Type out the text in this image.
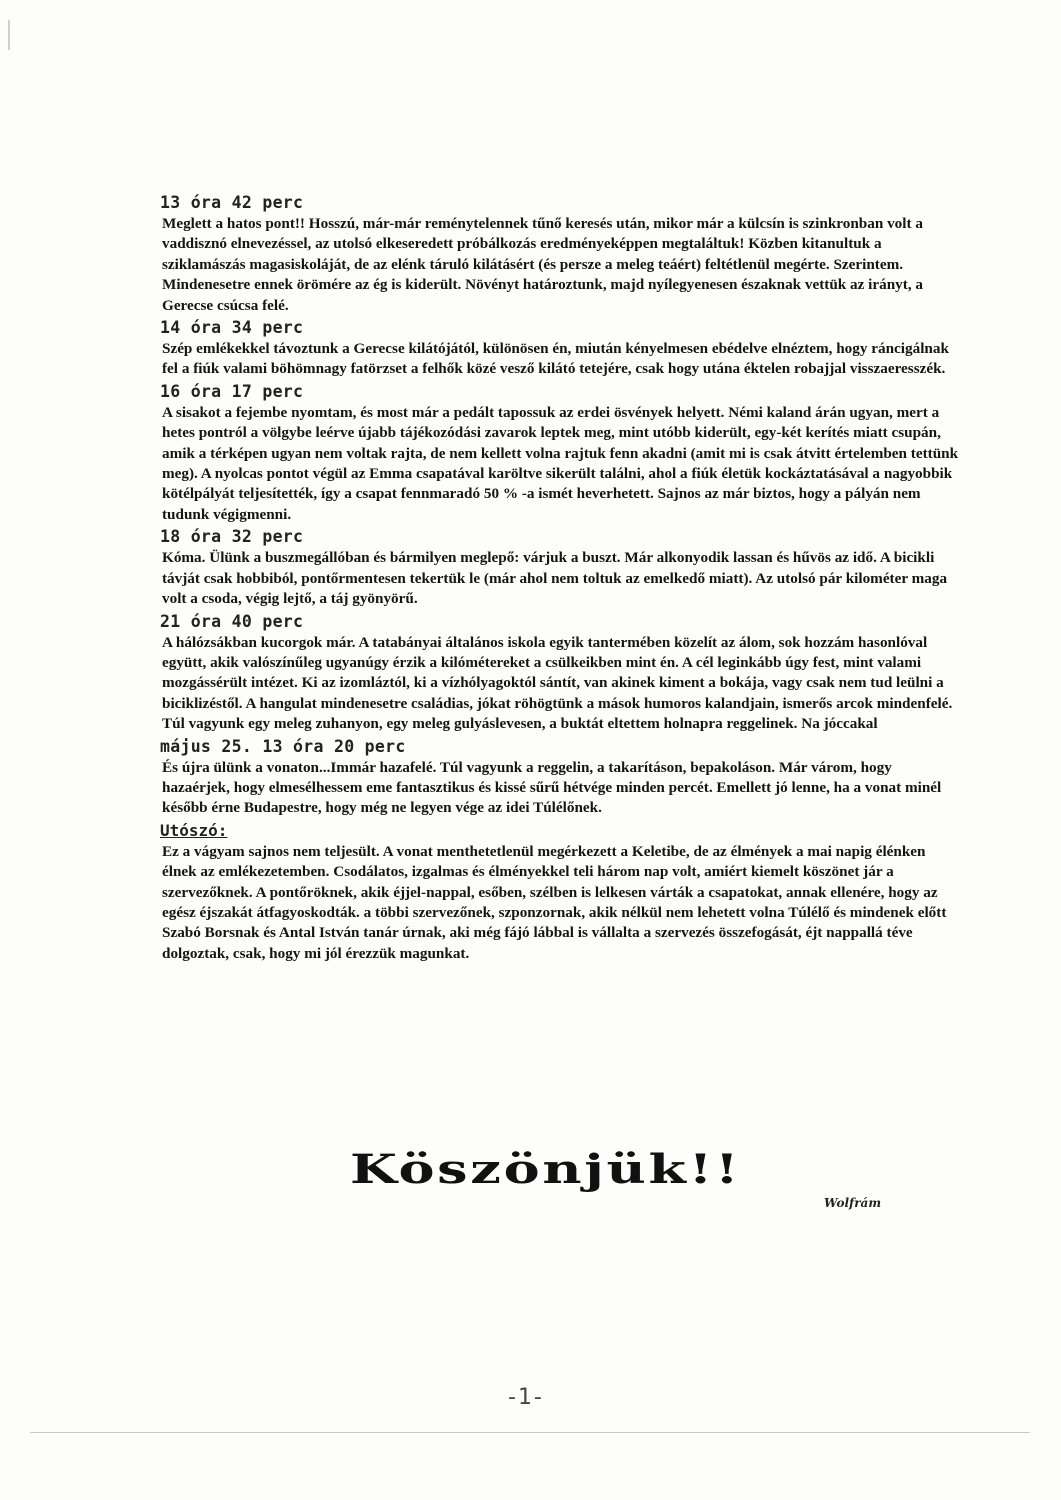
13 óra 42 perc

Meglett a hatos pont!! Hosszú, már-már reménytelennek tűnő keresés után, mikor már a külcsín is szinkronban volt a vaddisznó elnevezéssel, az utolsó elkeseredett próbálkozás eredményeképpen megtaláltuk! Közben kitanultuk a sziklamászás magasiskoláját, de az elénk táruló kilátásért (és persze a meleg teáért) feltétlenül megérte. Szerintem. Mindenesetre ennek örömére az ég is kiderült. Növényt határoztunk, majd nyílegyenesen északnak vettük az irányt, a Gerecse csúcsa felé.

14 óra 34 perc

Szép emlékekkel távoztunk a Gerecse kilátójától, különösen én, miután kényelmesen ebédelve elnéztem, hogy ráncigálnak fel a fiúk valami böhömnagy fatörzset a felhők közé vesző kilátó tetejére, csak hogy utána éktelen robajjal visszaeresszék.

16 óra 17 perc

A sisakot a fejembe nyomtam, és most már a pedált tapossuk az erdei ösvények helyett. Némi kaland árán ugyan, mert a hetes pontról a völgybe leérve újabb tájékozódási zavarok leptek meg, mint utóbb kiderült, egy-két kerítés miatt csupán, amik a térképen ugyan nem voltak rajta, de nem kellett volna rajtuk fenn akadni (amit mi is csak átvitt értelemben tettünk meg). A nyolcas pontot végül az Emma csapatával karöltve sikerült találni, ahol a fiúk életük kockáztatásával a nagyobbik kötélpályát teljesítették, így a csapat fennmaradó 50 % -a ismét heverhetett. Sajnos az már biztos, hogy a pályán nem tudunk végigmenni.

18 óra 32 perc

Kóma. Ülünk a buszmegállóban és bármilyen meglepő: várjuk a buszt. Már alkonyodik lassan és hűvös az idő. A bicikli távját csak hobbiból, pontőrmentesen tekertük le (már ahol nem toltuk az emelkedő miatt). Az utolsó pár kilométer maga volt a csoda, végig lejtő, a táj gyönyörű.

21 óra 40 perc

A hálózsákban kucorgok már. A tatabányai általános iskola egyik tantermében közelít az álom, sok hozzám hasonlóval együtt, akik valószínűleg ugyanúgy érzik a kilómétereket a csülkeikben mint én. A cél leginkább úgy fest, mint valami mozgássérült intézet. Ki az izomláztól, ki a vízhólyagoktól sántít, van akinek kiment a bokája, vagy csak nem tud leülni a biciklizéstől. A hangulat mindenesetre családias, jókat röhögtünk a mások humoros kalandjain, ismerős arcok mindenfelé. Túl vagyunk egy meleg zuhanyon, egy meleg gulyáslevesen, a buktát eltettem holnapra reggelinek. Na jóccakal

május 25. 13 óra 20 perc

És újra ülünk a vonaton...Immár hazafelé. Túl vagyunk a reggelin, a takarításon, bepakoláson. Már várom, hogy hazaérjek, hogy elmesélhessem eme fantasztikus és kissé sűrű hétvége minden percét. Emellett jó lenne, ha a vonat minél később érne Budapestre, hogy még ne legyen vége az idei Túlélőnek.

Utószó:

Ez a vágyam sajnos nem teljesült. A vonat menthetetlenül megérkezett a Keletibe, de az élmények a mai napig élénken élnek az emlékezetemben. Csodálatos, izgalmas és élményekkel teli három nap volt, amiért kiemelt köszönet jár a szervezőknek. A pontőröknek, akik éjjel-nappal, esőben, szélben is lelkesen várták a csapatokat, annak ellenére, hogy az egész éjszakát átfagyoskodták. a többi szervezőnek, szponzornak, akik nélkül nem lehetett volna Túlélő és mindenek előtt Szabó Borsnak és Antal István tanár úrnak, aki még fájó lábbal is vállalta a szervezés összefogását, éjt nappallá téve dolgoztak, csak, hogy mi jól érezzük magunkat.

Köszönjük!!
Wolfrám
-1-
